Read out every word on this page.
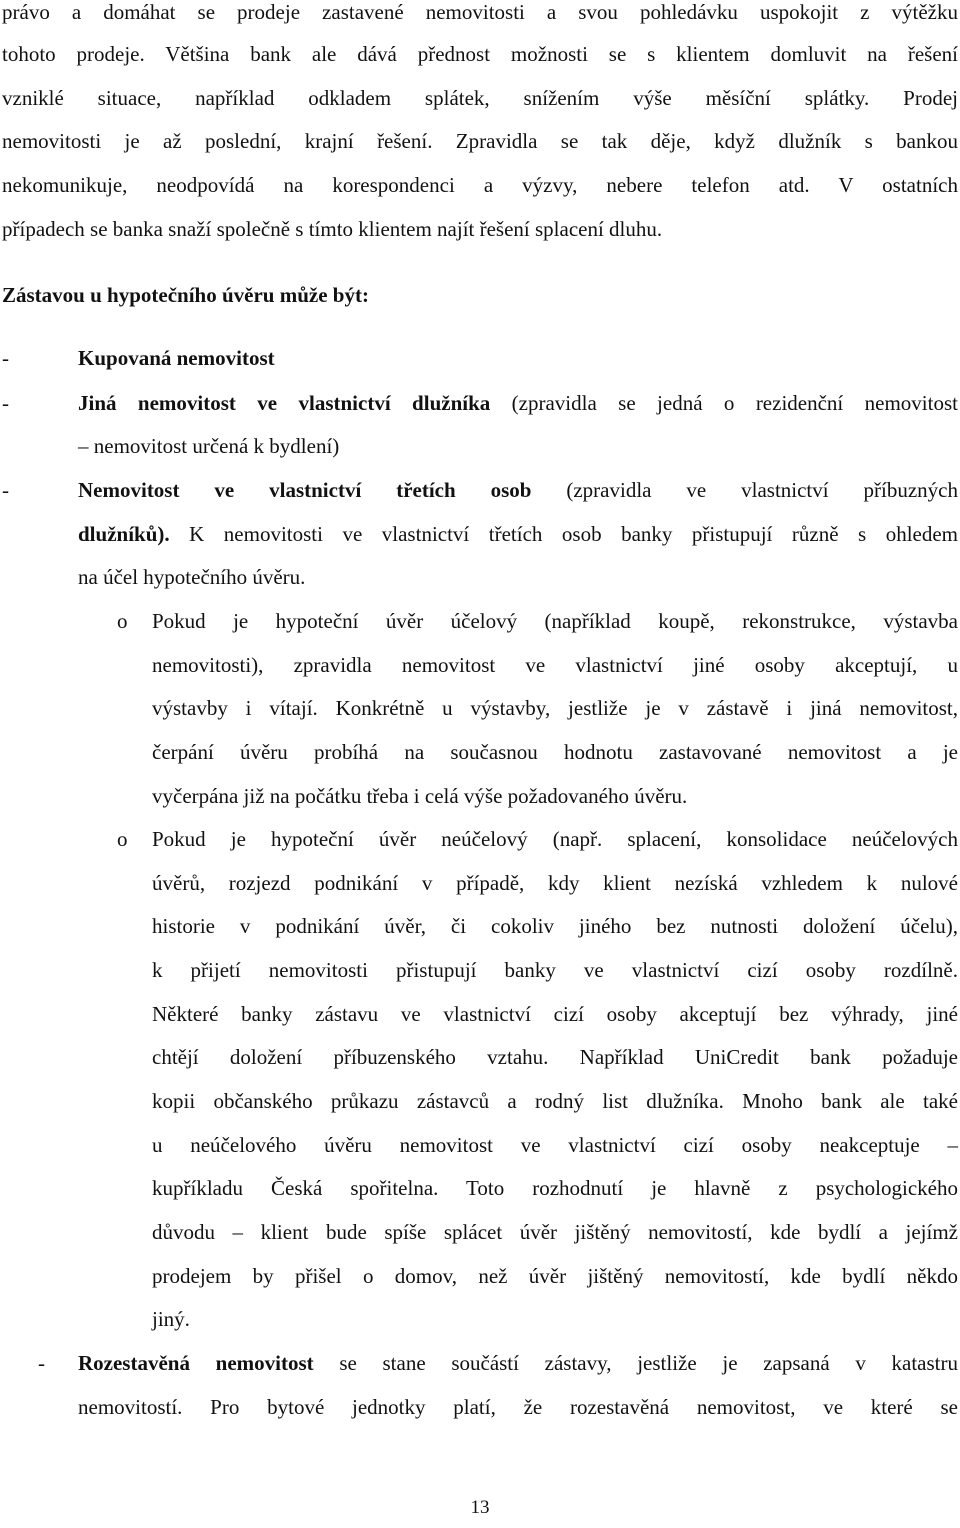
právo a domáhat se prodeje zastavené nemovitosti a svou pohledávku uspokojit z výtěžku
tohoto prodeje. Většina bank ale dává přednost možnosti se s klientem domluvit na řešení
vzniklé situace, například odkladem splátek, snížením výše měsíční splátky. Prodej
nemovitosti je až poslední, krajní řešení. Zpravidla se tak děje, když dlužník s bankou
nekomunikuje, neodpovídá na korespondenci a výzvy, nebere telefon atd. V ostatních
případech se banka snaží společně s tímto klientem najít řešení splacení dluhu.
Zástavou u hypotečního úvěru může být:
-	Kupovaná nemovitost
-	Jiná nemovitost ve vlastnictví dlužníka (zpravidla se jedná o rezidenční nemovitost
– nemovitost určená k bydlení)
-	Nemovitost ve vlastnictví třetích osob (zpravidla ve vlastnictví příbuzných
dlužníků). K nemovitosti ve vlastnictví třetích osob banky přistupují různě s ohledem
na účel hypotečního úvěru.
o Pokud je hypoteční úvěr účelový (například koupě, rekonstrukce, výstavba
nemovitosti), zpravidla nemovitost ve vlastnictví jiné osoby akceptují, u
výstavby i vítají. Konkrétně u výstavby, jestliže je v zástavě i jiná nemovitost,
čerpání úvěru probíhá na současnou hodnotu zastavované nemovitost a je
vyčerpána již na počátku třeba i celá výše požadovaného úvěru.
o Pokud je hypoteční úvěr neúčelový (např. splacení, konsolidace neúčelových
úvěrů, rozjezd podnikání v případě, kdy klient nezíská vzhledem k nulové
historie v podnikání úvěr, či cokoliv jiného bez nutnosti doložení účelu),
k přijetí nemovitosti přistupují banky ve vlastnictví cizí osoby rozdílně.
Některé banky zástavu ve vlastnictví cizí osoby akceptují bez výhrady, jiné
chtějí doložení příbuzenského vztahu. Například UniCredit bank požaduje
kopii občanského průkazu zástavců a rodný list dlužníka. Mnoho bank ale také
u neúčelového úvěru nemovitost ve vlastnictví cizí osoby neakceptuje –
kupříkladu Česká spořitelna. Toto rozhodnutí je hlavně z psychologického
důvodu – klient bude spíše splácet úvěr jištěný nemovitostí, kde bydlí a jejímž
prodejem by přišel o domov, než úvěr jištěný nemovitostí, kde bydlí někdo
jiný.
- Rozestavěná nemovitost se stane součástí zástavy, jestliže je zapsaná v katastru
nemovitostí. Pro bytové jednotky platí, že rozestavěná nemovitost, ve které se
13
